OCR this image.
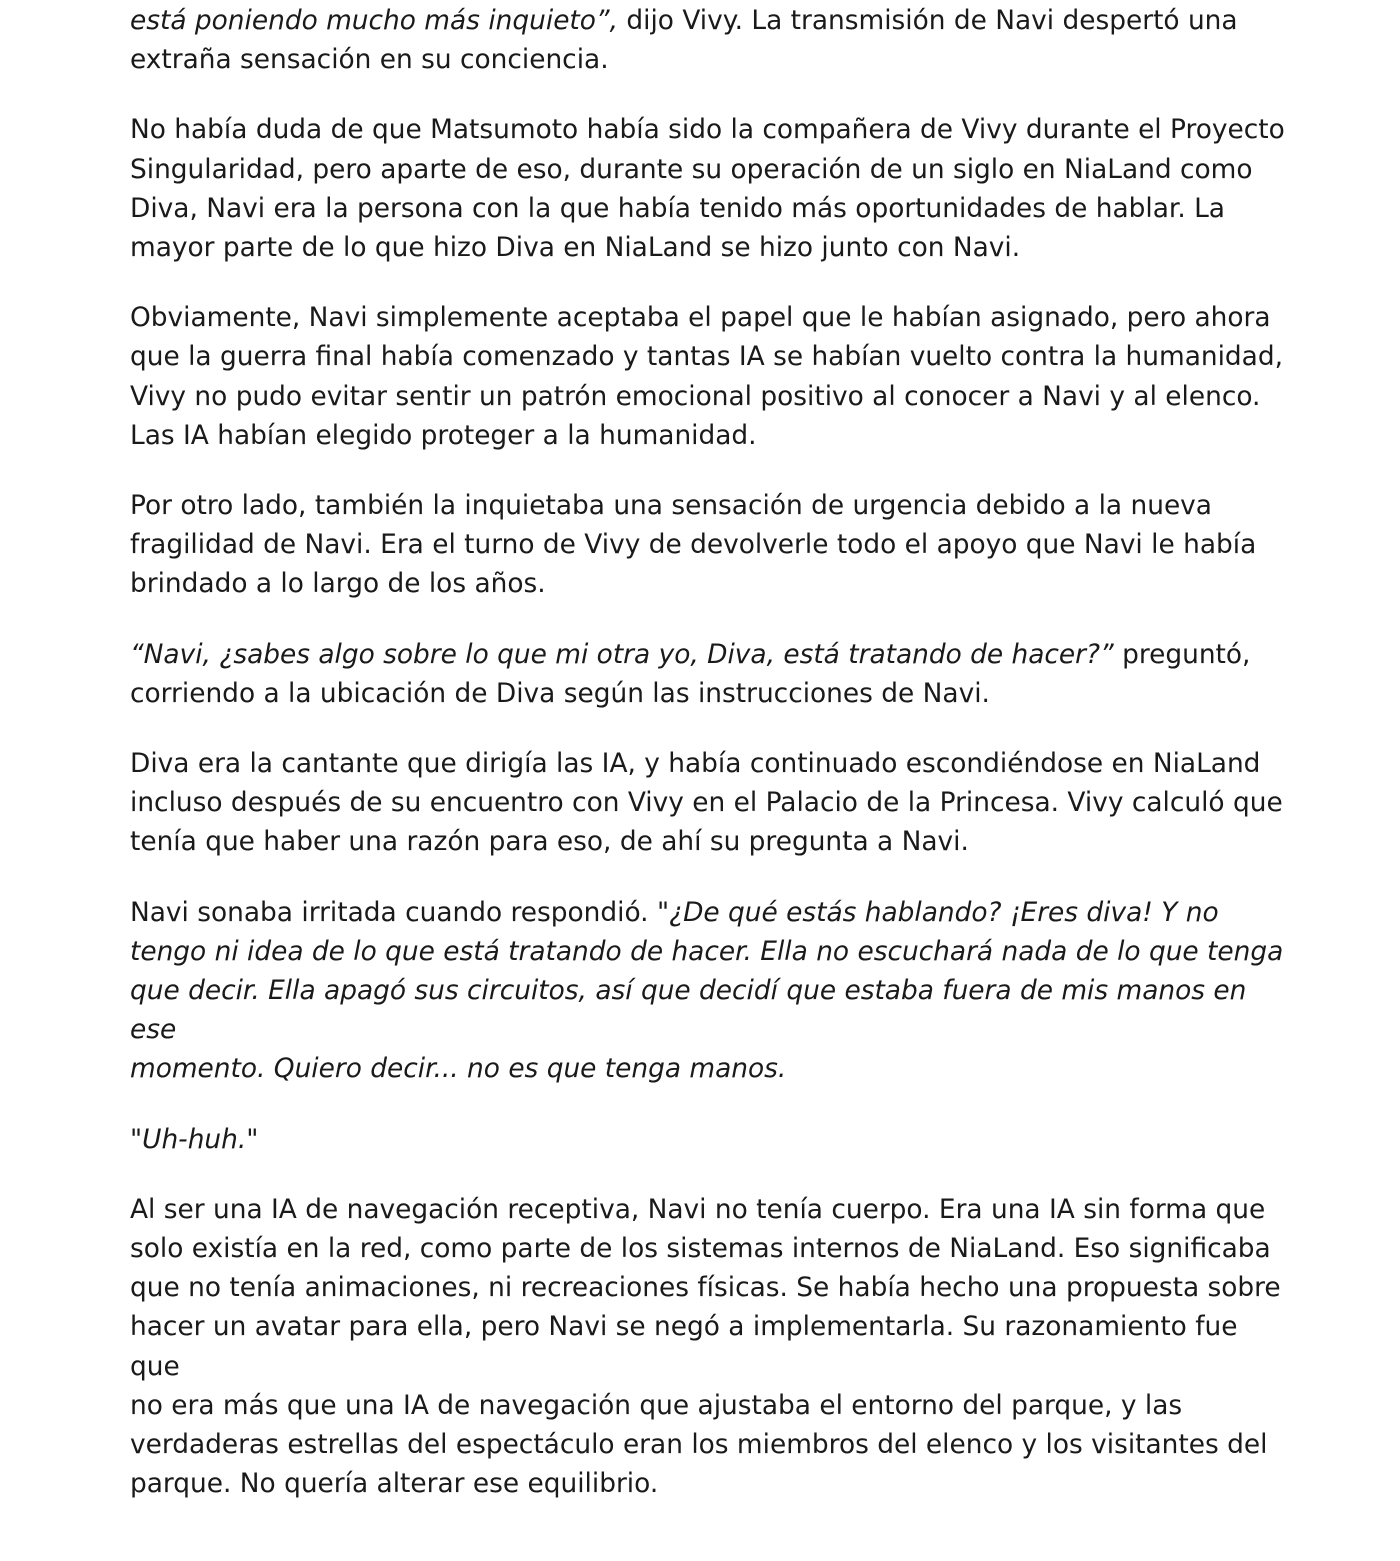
está poniendo mucho más inquieto”, dijo Vivy. La transmisión de Navi despertó una
extraña sensación en su conciencia.

No había duda de que Matsumoto había sido la compañera de Vivy durante el Proyecto
Singularidad, pero aparte de eso, durante su operación de un siglo en NiaLand como
Diva, Navi era la persona con la que había tenido más oportunidades de hablar. La
mayor parte de lo que hizo Diva en NiaLand se hizo junto con Navi.

Obviamente, Navi simplemente aceptaba el papel que le habían asignado, pero ahora
que la guerra final había comenzado y tantas IA se habían vuelto contra la humanidad,
Vivy no pudo evitar sentir un patrón emocional positivo al conocer a Navi y al elenco.
Las IA habían elegido proteger a la humanidad.

Por otro lado, también la inquietaba una sensación de urgencia debido a la nueva
fragilidad de Navi. Era el turno de Vivy de devolverle todo el apoyo que Navi le había
brindado a lo largo de los años.

“Navi, ¿sabes algo sobre lo que mi otra yo, Diva, está tratando de hacer?” preguntó,
corriendo a la ubicación de Diva según las instrucciones de Navi.

Diva era la cantante que dirigía las IA, y había continuado escondiéndose en NiaLand
incluso después de su encuentro con Vivy en el Palacio de la Princesa. Vivy calculó que
tenía que haber una razón para eso, de ahí su pregunta a Navi.

Navi sonaba irritada cuando respondió. "¿De qué estás hablando? ¡Eres diva! Y no
tengo ni idea de lo que está tratando de hacer. Ella no escuchará nada de lo que tenga
que decir. Ella apagó sus circuitos, así que decidí que estaba fuera de mis manos en ese
momento. Quiero decir... no es que tenga manos.

"Uh-huh."

Al ser una IA de navegación receptiva, Navi no tenía cuerpo. Era una IA sin forma que
solo existía en la red, como parte de los sistemas internos de NiaLand. Eso significaba
que no tenía animaciones, ni recreaciones físicas. Se había hecho una propuesta sobre
hacer un avatar para ella, pero Navi se negó a implementarla. Su razonamiento fue que
no era más que una IA de navegación que ajustaba el entorno del parque, y las
verdaderas estrellas del espectáculo eran los miembros del elenco y los visitantes del
parque. No quería alterar ese equilibrio.
